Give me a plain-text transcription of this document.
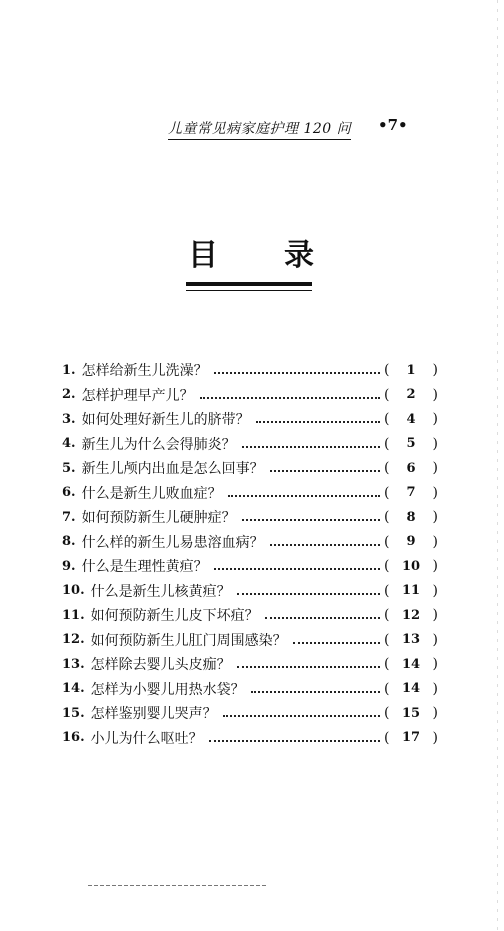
儿童常见病家庭护理 120 问 •7•
目 录
1. 怎样给新生儿洗澡？	( 1 )
2. 怎样护理早产儿？	( 2 )
3. 如何处理好新生儿的脐带？	( 4 )
4. 新生儿为什么会得肺炎？	( 5 )
5. 新生儿颅内出血是怎么回事？	( 6 )
6. 什么是新生儿败血症？	( 7 )
7. 如何预防新生儿硬肿症？	( 8 )
8. 什么样的新生儿易患溶血病？	( 9 )
9. 什么是生理性黄疸？	( 10 )
10. 什么是新生儿核黄疸？	( 11 )
11. 如何预防新生儿皮下坏疽？	( 12 )
12. 如何预防新生儿肛门周围感染？	( 13 )
13. 怎样除去婴儿头皮痂？	( 14 )
14. 怎样为小婴儿用热水袋？	( 14 )
15. 怎样鉴别婴儿哭声？	( 15 )
16. 小儿为什么呕吐？	( 17 )
